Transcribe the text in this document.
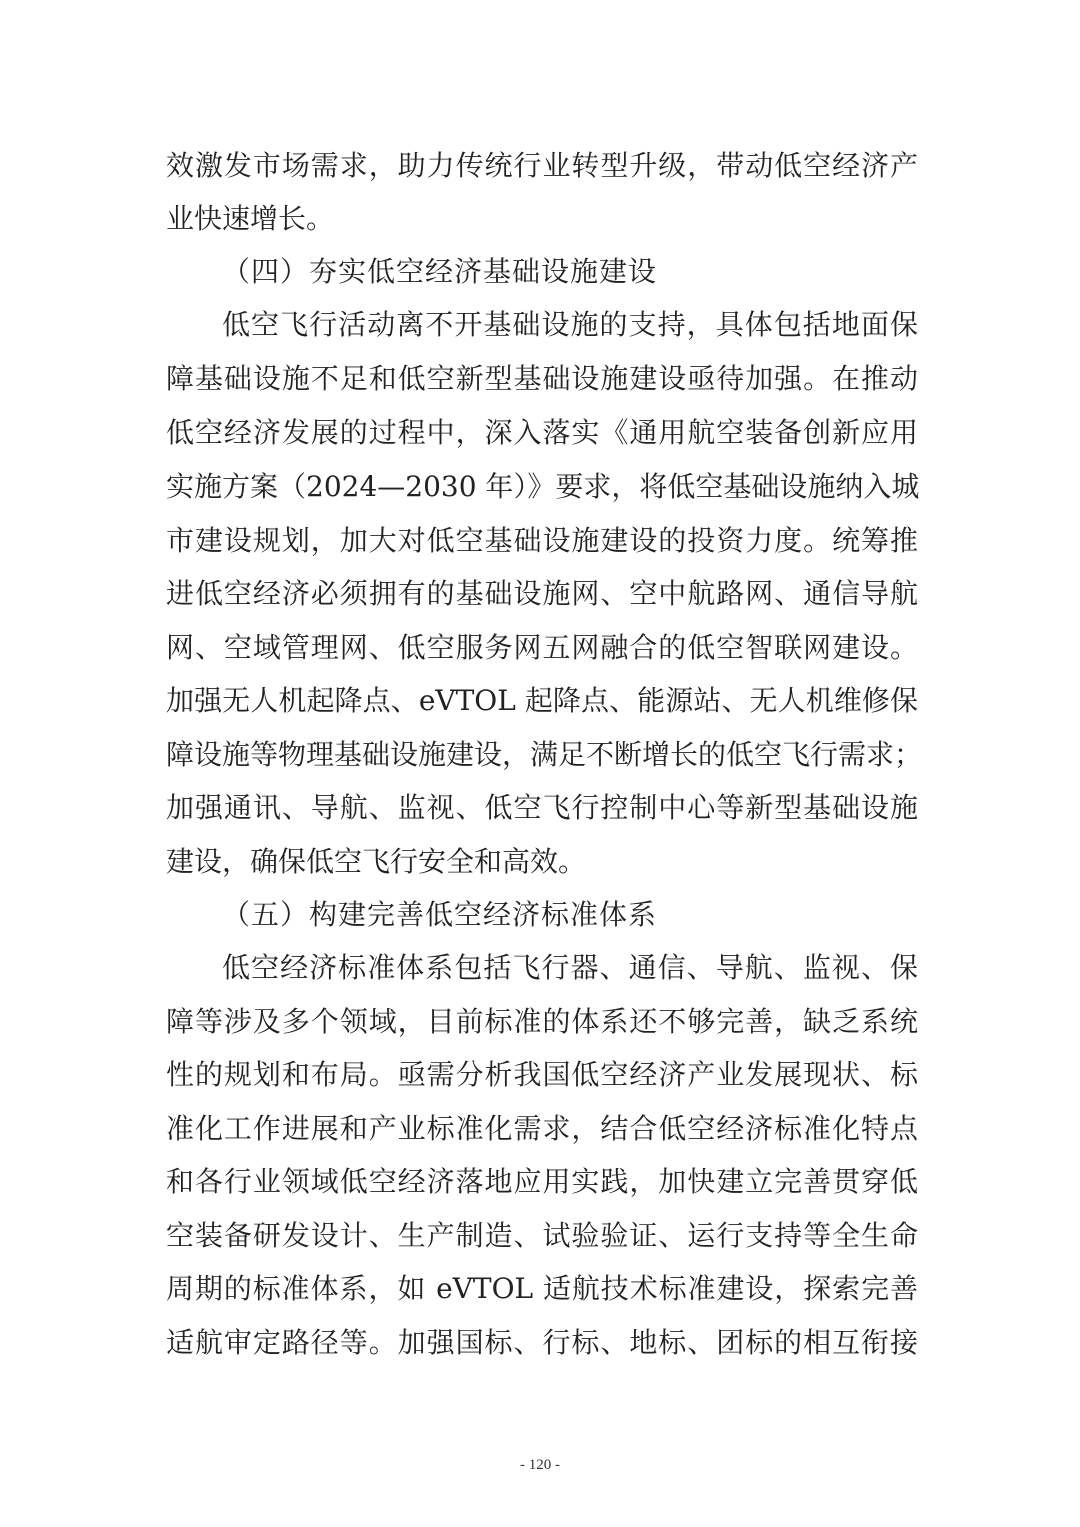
效激发市场需求，助力传统行业转型升级，带动低空经济产
业快速增长。
（四）夯实低空经济基础设施建设
低空飞行活动离不开基础设施的支持，具体包括地面保
障基础设施不足和低空新型基础设施建设亟待加强。在推动
低空经济发展的过程中，深入落实《通用航空装备创新应用
实施方案（2024—2030 年）》要求，将低空基础设施纳入城
市建设规划，加大对低空基础设施建设的投资力度。统筹推
进低空经济必须拥有的基础设施网、空中航路网、通信导航
网、空域管理网、低空服务网五网融合的低空智联网建设。
加强无人机起降点、eVTOL 起降点、能源站、无人机维修保
障设施等物理基础设施建设，满足不断增长的低空飞行需求；
加强通讯、导航、监视、低空飞行控制中心等新型基础设施
建设，确保低空飞行安全和高效。
（五）构建完善低空经济标准体系
低空经济标准体系包括飞行器、通信、导航、监视、保
障等涉及多个领域，目前标准的体系还不够完善，缺乏系统
性的规划和布局。亟需分析我国低空经济产业发展现状、标
准化工作进展和产业标准化需求，结合低空经济标准化特点
和各行业领域低空经济落地应用实践，加快建立完善贯穿低
空装备研发设计、生产制造、试验验证、运行支持等全生命
周期的标准体系，如 eVTOL 适航技术标准建设，探索完善
适航审定路径等。加强国标、行标、地标、团标的相互衔接
- 120 -
